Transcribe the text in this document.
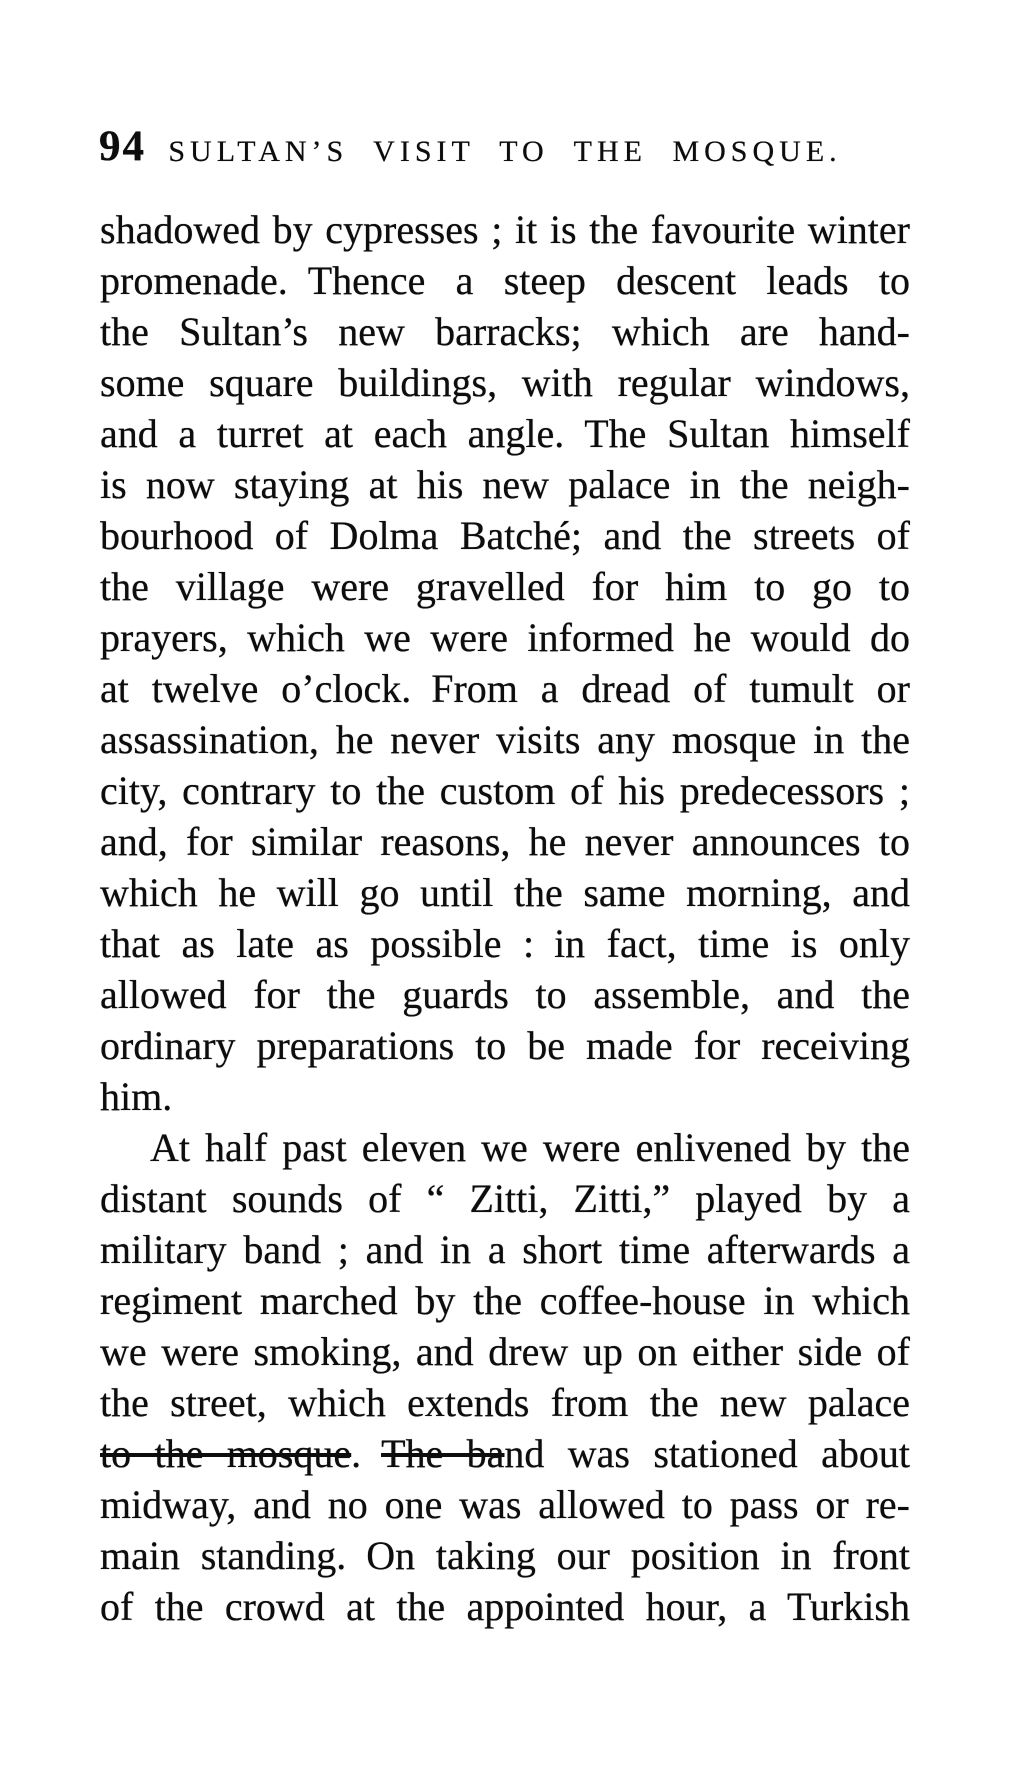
94 SULTAN’S VISIT TO THE MOSQUE.
shadowed by cypresses ; it is the favourite winter
promenade. Thence a steep descent leads to
the Sultan’s new barracks; which are hand-
some square buildings, with regular windows,
and a turret at each angle. The Sultan himself
is now staying at his new palace in the neigh-
bourhood of Dolma Batché; and the streets of
the village were gravelled for him to go to
prayers, which we were informed he would do
at twelve o’clock. From a dread of tumult or
assassination, he never visits any mosque in the
city, contrary to the custom of his predecessors ;
and, for similar reasons, he never announces to
which he will go until the same morning, and
that as late as possible : in fact, time is only
allowed for the guards to assemble, and the
ordinary preparations to be made for receiving
him.
At half past eleven we were enlivened by the
distant sounds of “ Zitti, Zitti,” played by a
military band ; and in a short time afterwards a
regiment marched by the coffee-house in which
we were smoking, and drew up on either side of
the street, which extends from the new palace
to the mosque. The band was stationed about
midway, and no one was allowed to pass or re-
main standing. On taking our position in front
of the crowd at the appointed hour, a Turkish
